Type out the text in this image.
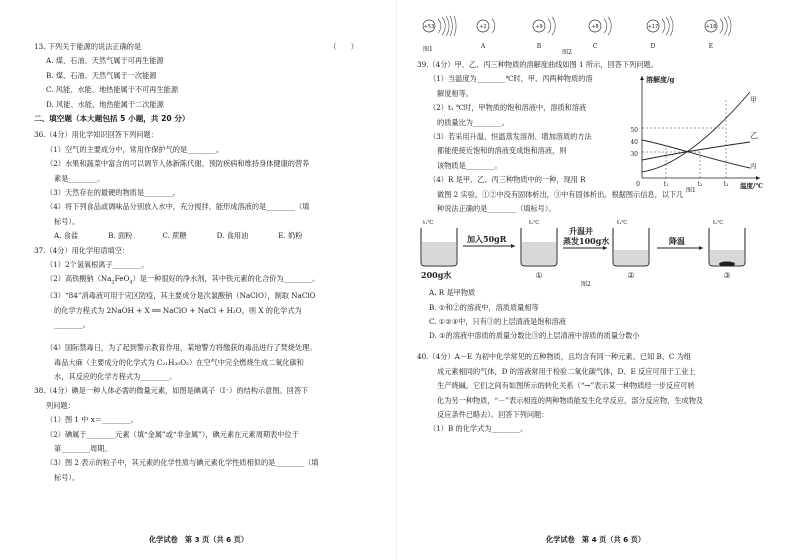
13. 下列关于能源的说法正确的是	（　　）
A. 煤、石油、天然气属于可再生能源
B. 煤、石油、天然气属于一次能源
C. 风能、水能、地热能属于不可再生能源
D. 风能、水能、地热能属于二次能源
二、填空题（本大题包括 5 小题，共 20 分）
36.（4分）用化学知识回答下列问题：
（1）空气的主要成分中，常用作保护气的是________。
（2）水果和蔬菜中富含的可以调节人体新陈代谢、预防疾病和维持身体健康的营养
素是________。
（3）天然存在的最硬的物质是________。
（4）将下列食品或调味品分别放入水中，充分搅拌，能形成溶液的是________（填
标号）。
A. 食盐	B. 面粉	C. 蔗糖	D. 食用油	E. 奶粉
37.（4分）用化学用语填空：
（1）2个氢氧根离子________。
（2）高铁酸钠$(Na_2FeO_4)$是一种很好的净水剂，其中铁元素的化合价为________。
（3）“84”消毒液可用于灾区防疫，其主要成分是次氯酸钠（NaClO），制取 NaClO
的化学方程式为 2NaOH + X ══ NaClO + NaCl + H₂O，则 X 的化学式为
________。
（4）国际禁毒日，为了起到警示教育作用，某地警方将缴获的毒品进行了焚烧处理。
毒品大麻（主要成分的化学式为 C₂₁H₃₀O₂）在空气中完全燃烧生成二氧化碳和
水，其反应的化学方程式为________。
38.（4分）碘是一种人体必需的微量元素，如图是碘离子（I⁻）的结构示意图。回答下
列问题：
（1）图 1 中 x＝________。
（2）碘属于________元素（填“金属”或“非金属”），碘元素在元素周期表中位于
第________周期。
（3）图 2 表示的粒子中，其元素的化学性质与碘元素化学性质相似的是________（填
标号）。
化学试卷　第 3 页（共 6 页）
+53	+2	+9	+8	+17	+18
图1	A	B	C	D	E
图2
39.（4分）甲、乙、丙三种物质的溶解度曲线如图 1 所示，回答下列问题。
（1）当温度为________℃时，甲、丙两种物质的溶
解度相等。
（2）t₁ ℃时，甲物质的饱和溶液中，溶质和溶液
的质量比为________。
（3）若采用升温、恒温蒸发溶剂、增加溶质的方法
都能使接近饱和的溶液变成饱和溶液，则
该物质是________。
（4）R 是甲、乙、丙三种物质中的一种，现用 R
做图 2 实验，①②中没有固体析出，③中有固体析出。根据图示信息，以下几
种说法正确的是________（填标号）。
溶解度/g
温度/℃
50
40
30
0	t₁	t₂	t₃
甲
乙
丙
图1
t₁℃	t₂℃	t₁℃	t₂℃
200g水
加入50gR
①
升温并
蒸发100g水
②
降温
③
图2
A. R 是甲物质
B. ①和②的溶液中，溶质质量相等
C. ①②③中，只有③的上层清液是饱和溶液
D. ①的溶液中溶质的质量分数比③的上层清液中溶质的质量分数小
40.（4分）A－E 为初中化学常见的五种物质，且均含有同一种元素。已知 B、C 为组
成元素相同的气体，D 的溶液常用于检验二氧化碳气体，D、E 反应可用于工业上
生产烧碱。它们之间有如图所示的转化关系（“→”表示某一种物质经一步反应可转
化为另一种物质，“－”表示相连的两种物质能发生化学反应，部分反应物，生成物及
反应条件已略去）。回答下列问题：
（1）B 的化学式为________。
化学试卷　第 4 页（共 6 页）
